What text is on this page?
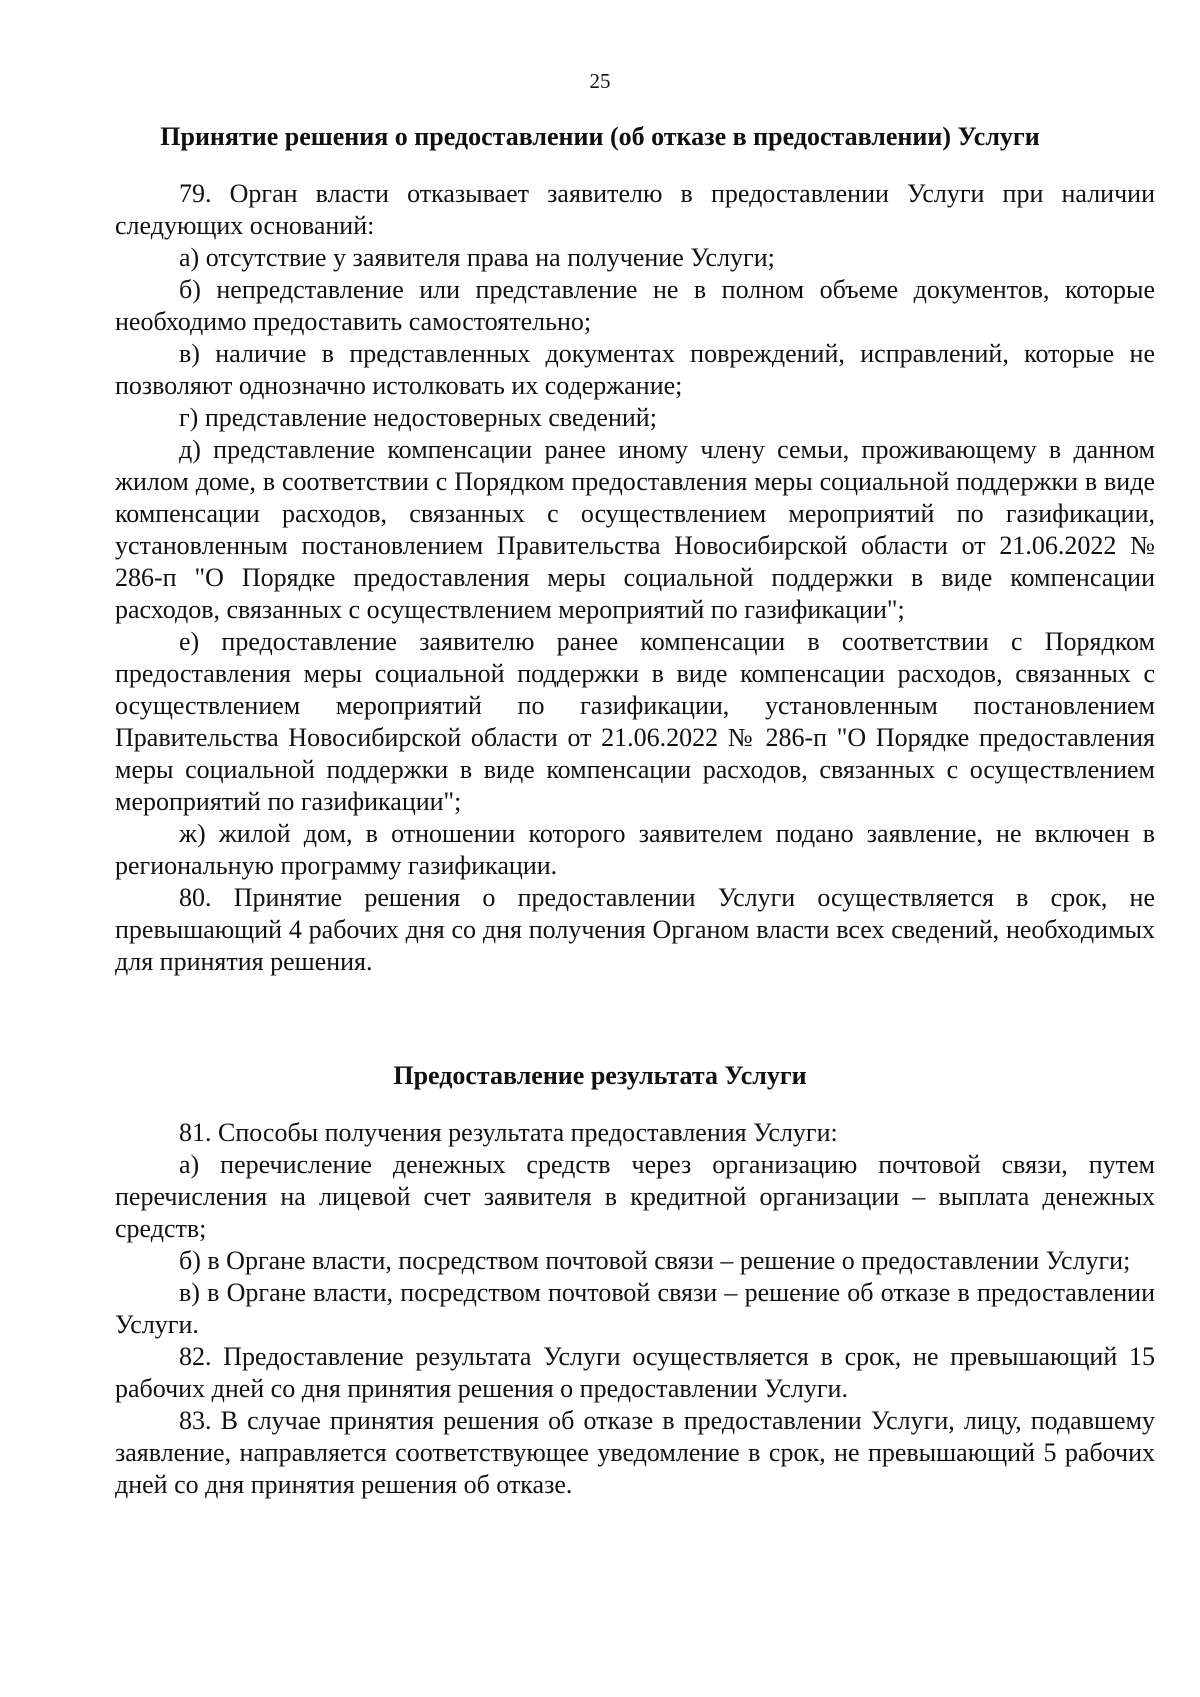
25
Принятие решения о предоставлении (об отказе в предоставлении) Услуги

79. Орган власти отказывает заявителю в предоставлении Услуги при наличии следующих оснований:

а) отсутствие у заявителя права на получение Услуги;

б) непредставление или представление не в полном объеме документов, которые необходимо предоставить самостоятельно;

в) наличие в представленных документах повреждений, исправлений, которые не позволяют однозначно истолковать их содержание;

г) представление недостоверных сведений;

д) представление компенсации ранее иному члену семьи, проживающему в данном жилом доме, в соответствии с Порядком предоставления меры социальной поддержки в виде компенсации расходов, связанных с осуществлением мероприятий по газификации, установленным постановлением Правительства Новосибирской области от 21.06.2022 № 286-п "О Порядке предоставления меры социальной поддержки в виде компенсации расходов, связанных с осуществлением мероприятий по газификации";

е) предоставление заявителю ранее компенсации в соответствии с Порядком предоставления меры социальной поддержки в виде компенсации расходов, связанных с осуществлением мероприятий по газификации, установленным постановлением Правительства Новосибирской области от 21.06.2022 № 286-п "О Порядке предоставления меры социальной поддержки в виде компенсации расходов, связанных с осуществлением мероприятий по газификации";

ж) жилой дом, в отношении которого заявителем подано заявление, не включен в региональную программу газификации.

80. Принятие решения о предоставлении Услуги осуществляется в срок, не превышающий 4 рабочих дня со дня получения Органом власти всех сведений, необходимых для принятия решения.

Предоставление результата Услуги

81. Способы получения результата предоставления Услуги:

а) перечисление денежных средств через организацию почтовой связи, путем перечисления на лицевой счет заявителя в кредитной организации – выплата денежных средств;

б) в Органе власти, посредством почтовой связи – решение о предоставлении Услуги;

в) в Органе власти, посредством почтовой связи – решение об отказе в предоставлении Услуги.

82. Предоставление результата Услуги осуществляется в срок, не превышающий 15 рабочих дней со дня принятия решения о предоставлении Услуги.

83. В случае принятия решения об отказе в предоставлении Услуги, лицу, подавшему заявление, направляется соответствующее уведомление в срок, не превышающий 5 рабочих дней со дня принятия решения об отказе.
